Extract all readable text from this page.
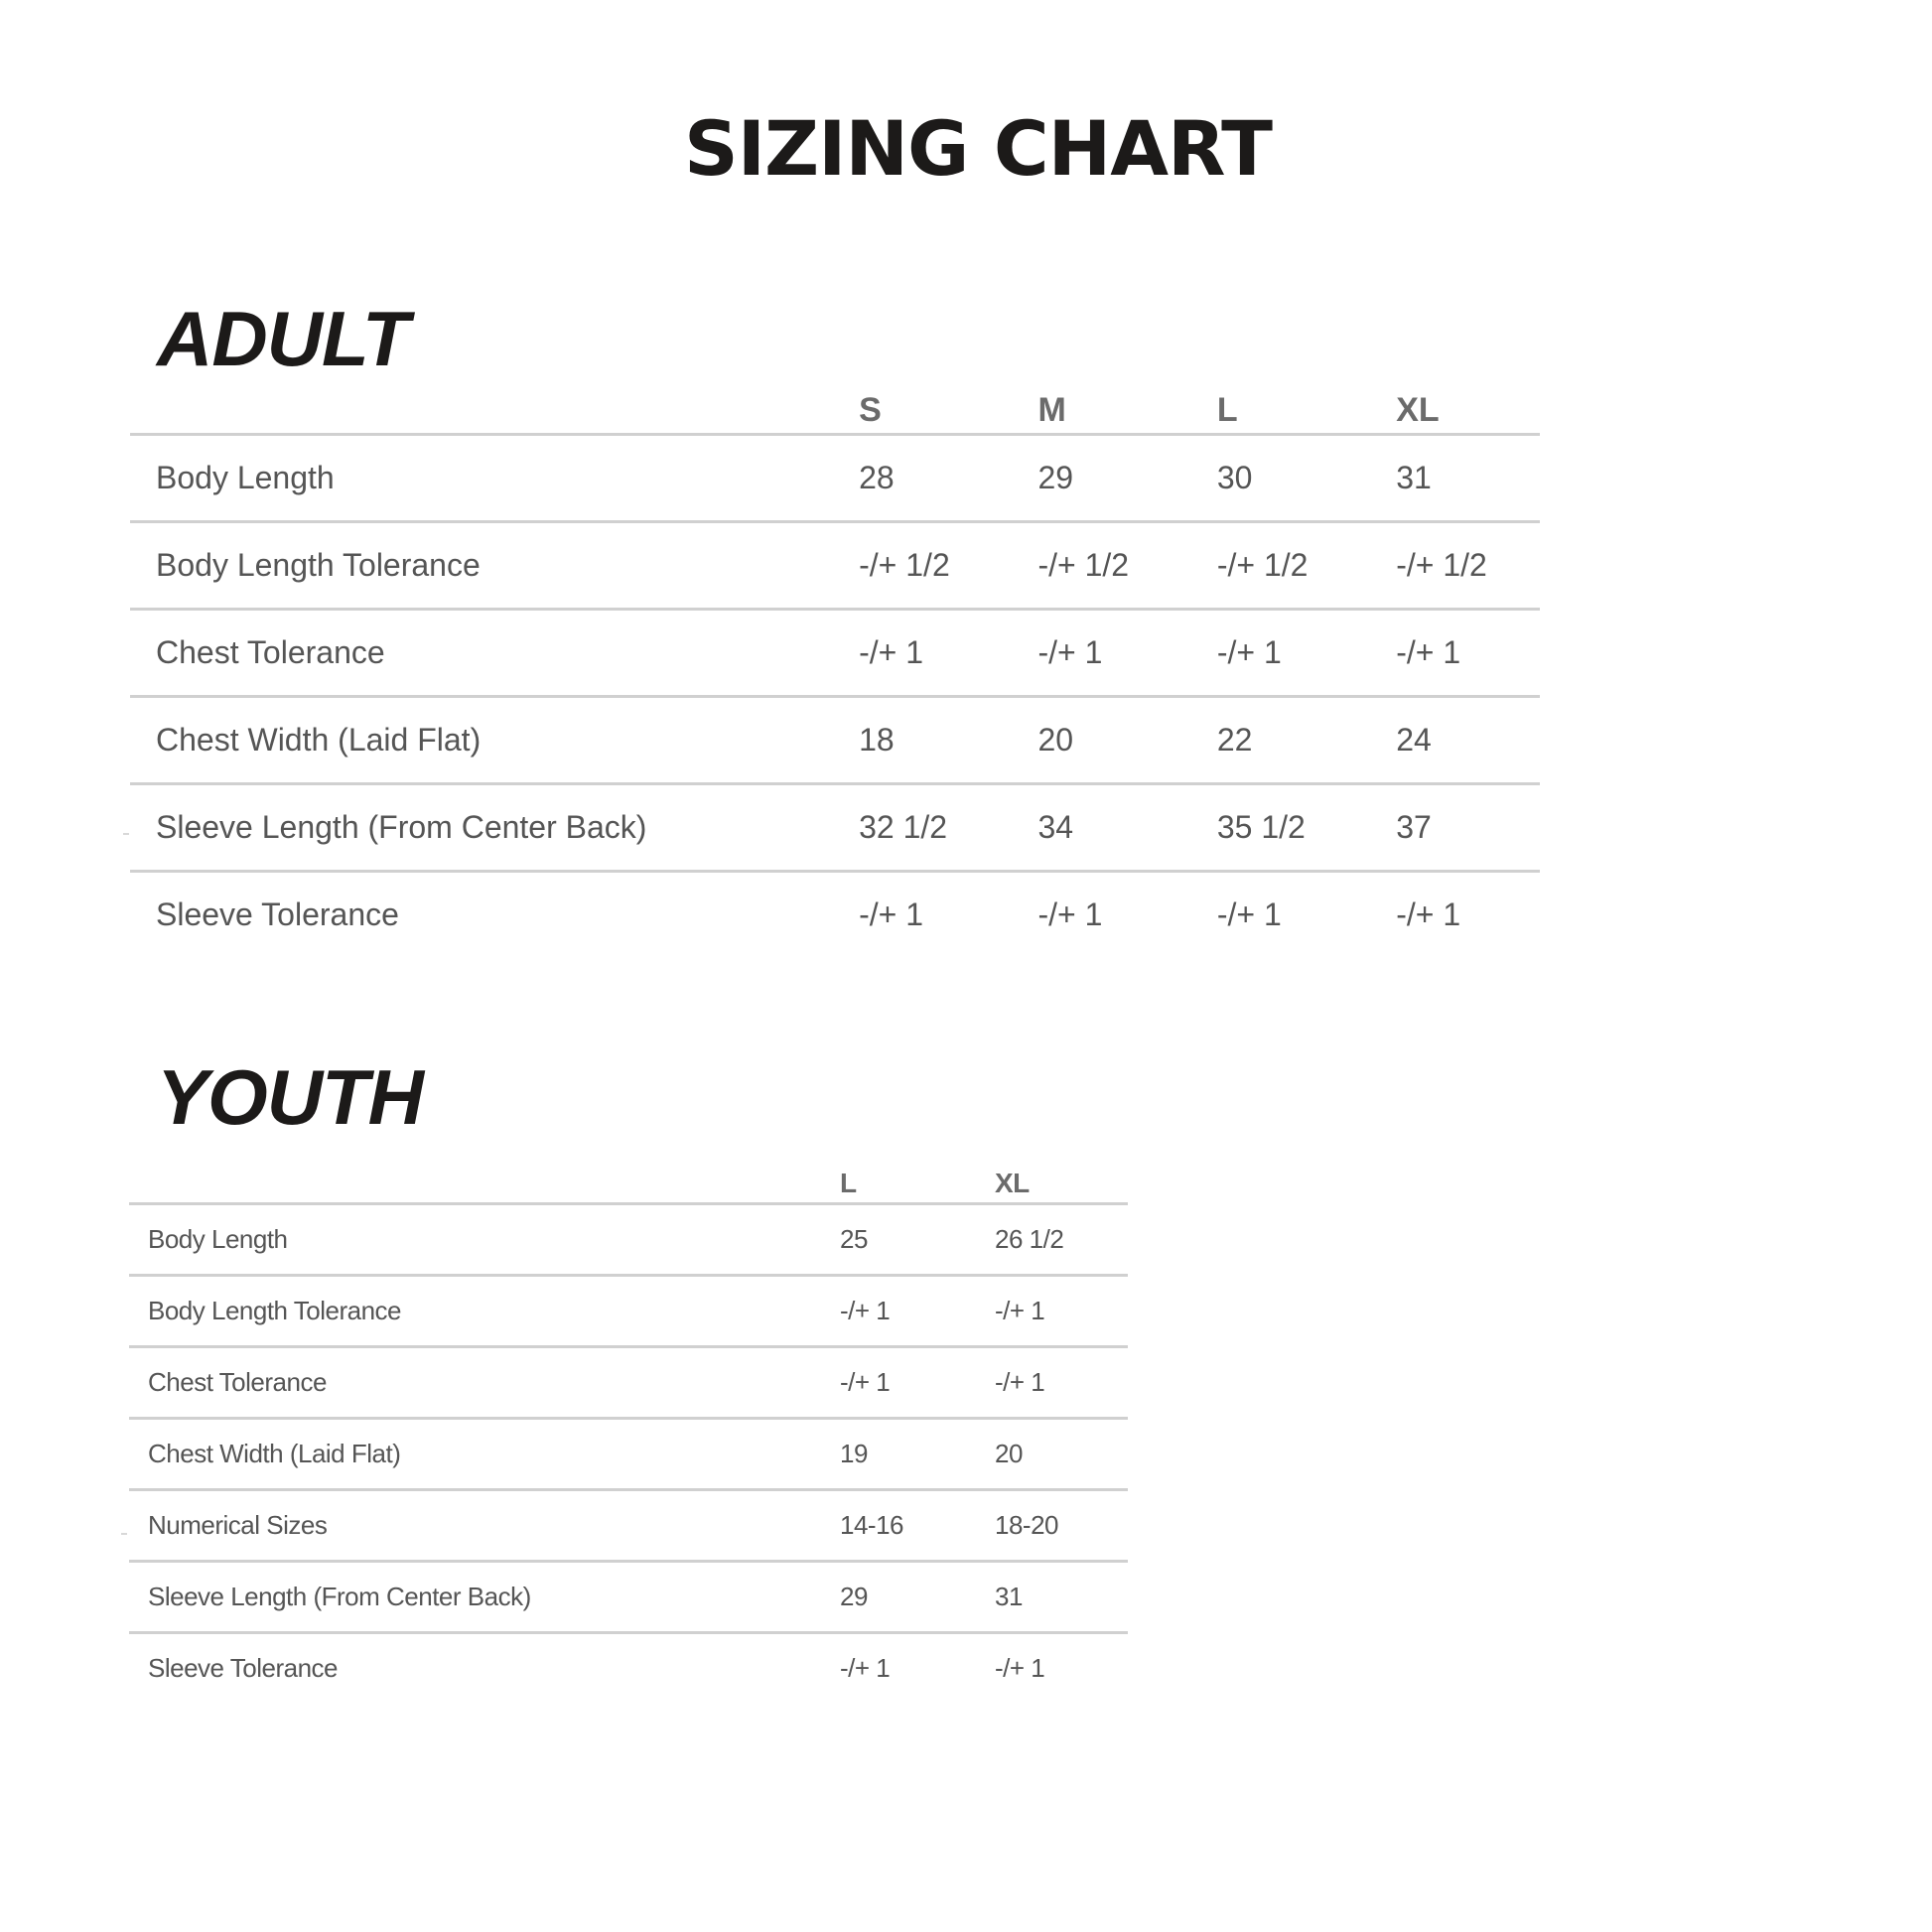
SIZING CHART
ADULT
	S	M	L	XL
Body Length	28	29	30	31
Body Length Tolerance	-/+ 1/2	-/+ 1/2	-/+ 1/2	-/+ 1/2
Chest Tolerance	-/+ 1	-/+ 1	-/+ 1	-/+ 1
Chest Width (Laid Flat)	18	20	22	24
Sleeve Length (From Center Back)	32 1/2	34	35 1/2	37
Sleeve Tolerance	-/+ 1	-/+ 1	-/+ 1	-/+ 1
YOUTH
	L	XL
Body Length	25	26 1/2
Body Length Tolerance	-/+ 1	-/+ 1
Chest Tolerance	-/+ 1	-/+ 1
Chest Width (Laid Flat)	19	20
Numerical Sizes	14-16	18-20
Sleeve Length (From Center Back)	29	31
Sleeve Tolerance	-/+ 1	-/+ 1
